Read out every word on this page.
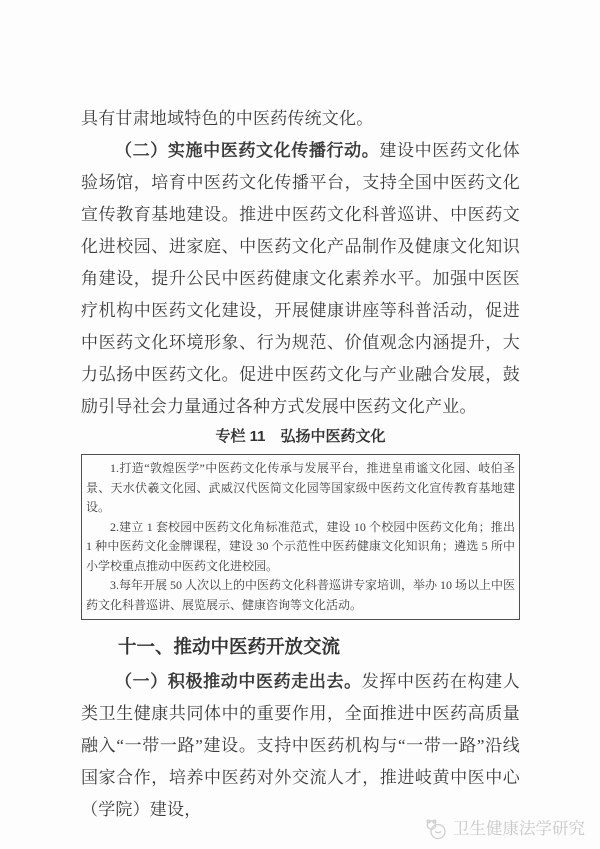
具有甘肃地域特色的中医药传统文化。

（二）实施中医药文化传播行动。建设中医药文化体验场馆，培育中医药文化传播平台，支持全国中医药文化宣传教育基地建设。推进中医药文化科普巡讲、中医药文化进校园、进家庭、中医药文化产品制作及健康文化知识角建设，提升公民中医药健康文化素养水平。加强中医医疗机构中医药文化建设，开展健康讲座等科普活动，促进中医药文化环境形象、行为规范、价值观念内涵提升，大力弘扬中医药文化。促进中医药文化与产业融合发展，鼓励引导社会力量通过各种方式发展中医药文化产业。

专栏 11　弘扬中医药文化

1.打造“敦煌医学”中医药文化传承与发展平台，推进皇甫谧文化园、岐伯圣景、天水伏羲文化园、武威汉代医简文化园等国家级中医药文化宣传教育基地建设。

2.建立 1 套校园中医药文化角标准范式，建设 10 个校园中医药文化角；推出 1 种中医药文化金牌课程，建设 30 个示范性中医药健康文化知识角；遴选 5 所中小学校重点推动中医药文化进校园。

3.每年开展 50 人次以上的中医药文化科普巡讲专家培训，举办 10 场以上中医药文化科普巡讲、展览展示、健康咨询等文化活动。

十一、推动中医药开放交流

（一）积极推动中医药走出去。发挥中医药在构建人类卫生健康共同体中的重要作用，全面推进中医药高质量融入“一带一路”建设。支持中医药机构与“一带一路”沿线国家合作，培养中医药对外交流人才，推进岐黄中医中心（学院）建设，

卫生健康法学研究
